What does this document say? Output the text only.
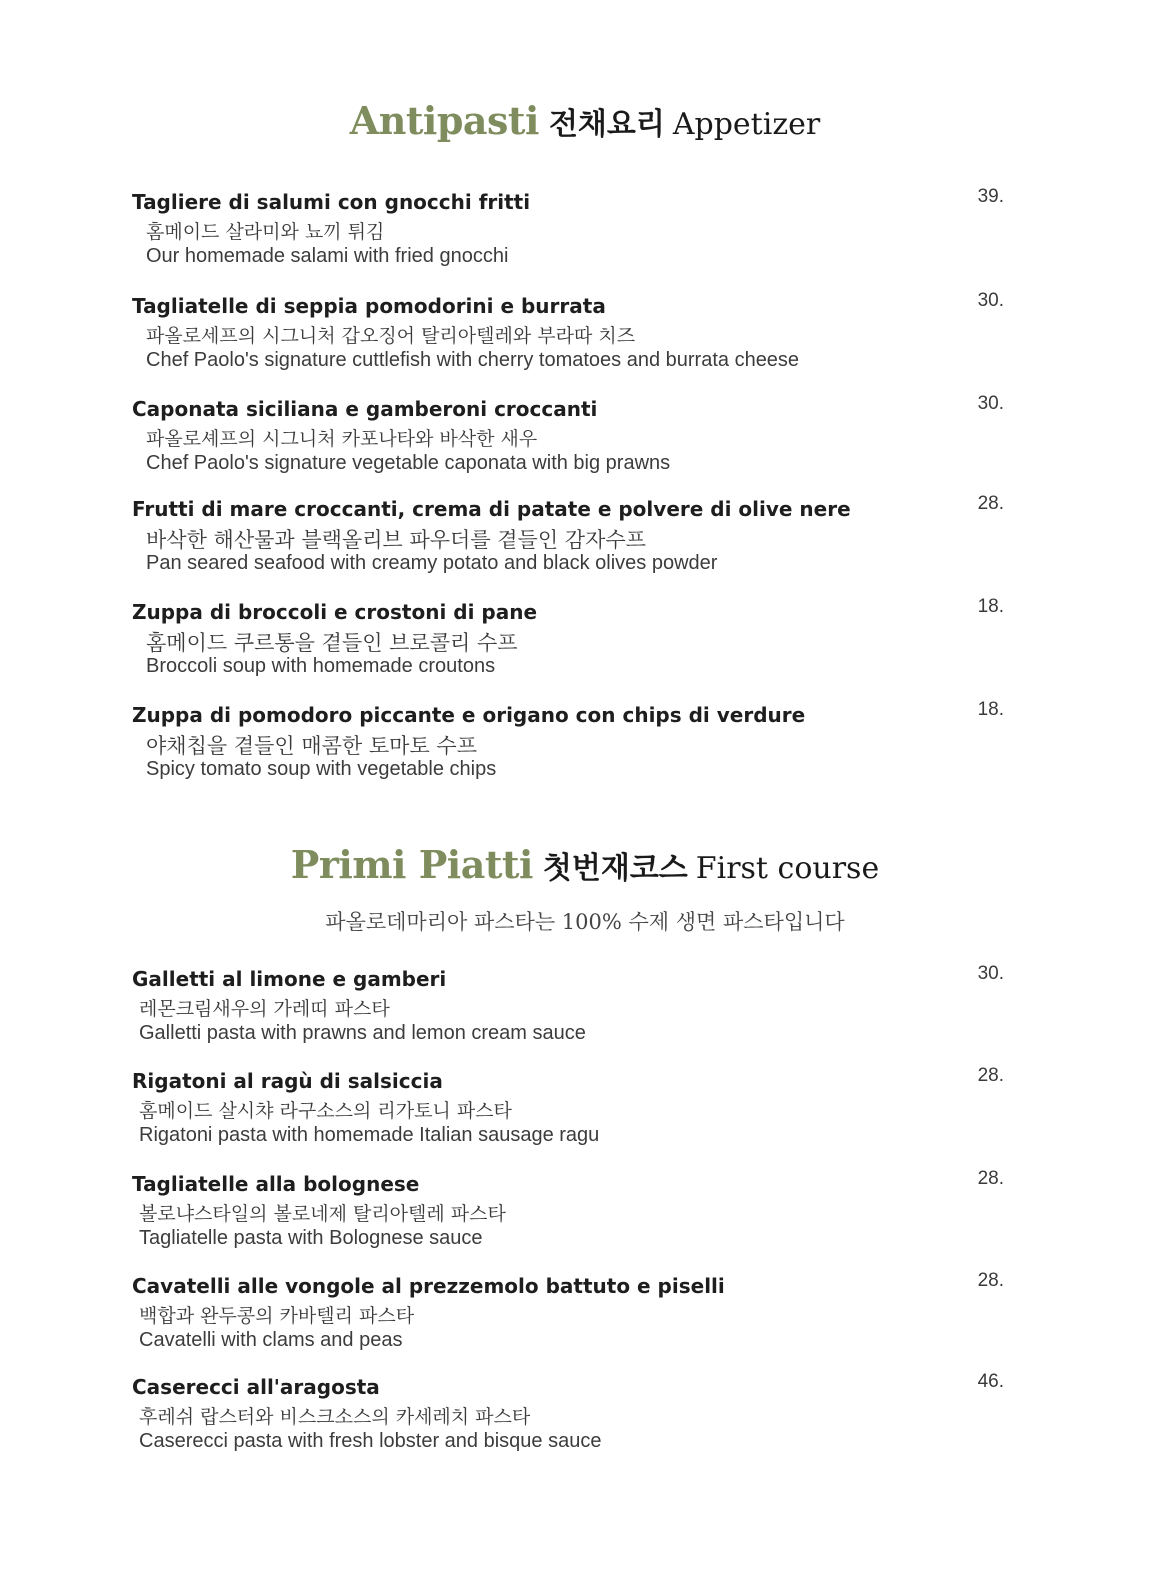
Antipasti 전채요리 Appetizer
Tagliere di salumi con gnocchi fritti
홈메이드 살라미와 뇨끼 튀김
Our homemade salami with fried gnocchi
39.
Tagliatelle di seppia pomodorini e burrata
파올로세프의 시그니처 갑오징어 탈리아텔레와 부라따 치즈
Chef Paolo's signature cuttlefish with cherry tomatoes and burrata cheese
30.
Caponata siciliana e gamberoni croccanti
파올로셰프의 시그니처 카포나타와 바삭한 새우
Chef Paolo's signature vegetable caponata with big prawns
30.
Frutti di mare croccanti, crema di patate e polvere di olive nere
바삭한 해산물과 블랙올리브 파우더를 곁들인 감자수프
Pan seared seafood with creamy potato and black olives powder
28.
Zuppa di broccoli e crostoni di pane
홈메이드 쿠르통을 곁들인 브로콜리 수프
Broccoli soup with homemade croutons
18.
Zuppa di pomodoro piccante e origano con chips di verdure
야채칩을 곁들인 매콤한 토마토 수프
Spicy tomato soup with vegetable chips
18.
Primi Piatti 첫번재코스 First course
파올로데마리아 파스타는 100% 수제 생면 파스타입니다
Galletti al limone e gamberi
레몬크림새우의 가레띠 파스타
Galletti pasta with prawns and lemon cream sauce
30.
Rigatoni al ragù di salsiccia
홈메이드 살시챠 라구소스의 리가토니 파스타
Rigatoni pasta with homemade Italian sausage ragu
28.
Tagliatelle alla bolognese
볼로냐스타일의 볼로네제 탈리아텔레 파스타
Tagliatelle pasta with Bolognese sauce
28.
Cavatelli alle vongole al prezzemolo battuto e piselli
백합과 완두콩의 카바텔리 파스타
Cavatelli with clams and peas
28.
Caserecci all'aragosta
후레쉬 랍스터와 비스크소스의 카세레치 파스타
Caserecci pasta with fresh lobster and bisque sauce
46.
